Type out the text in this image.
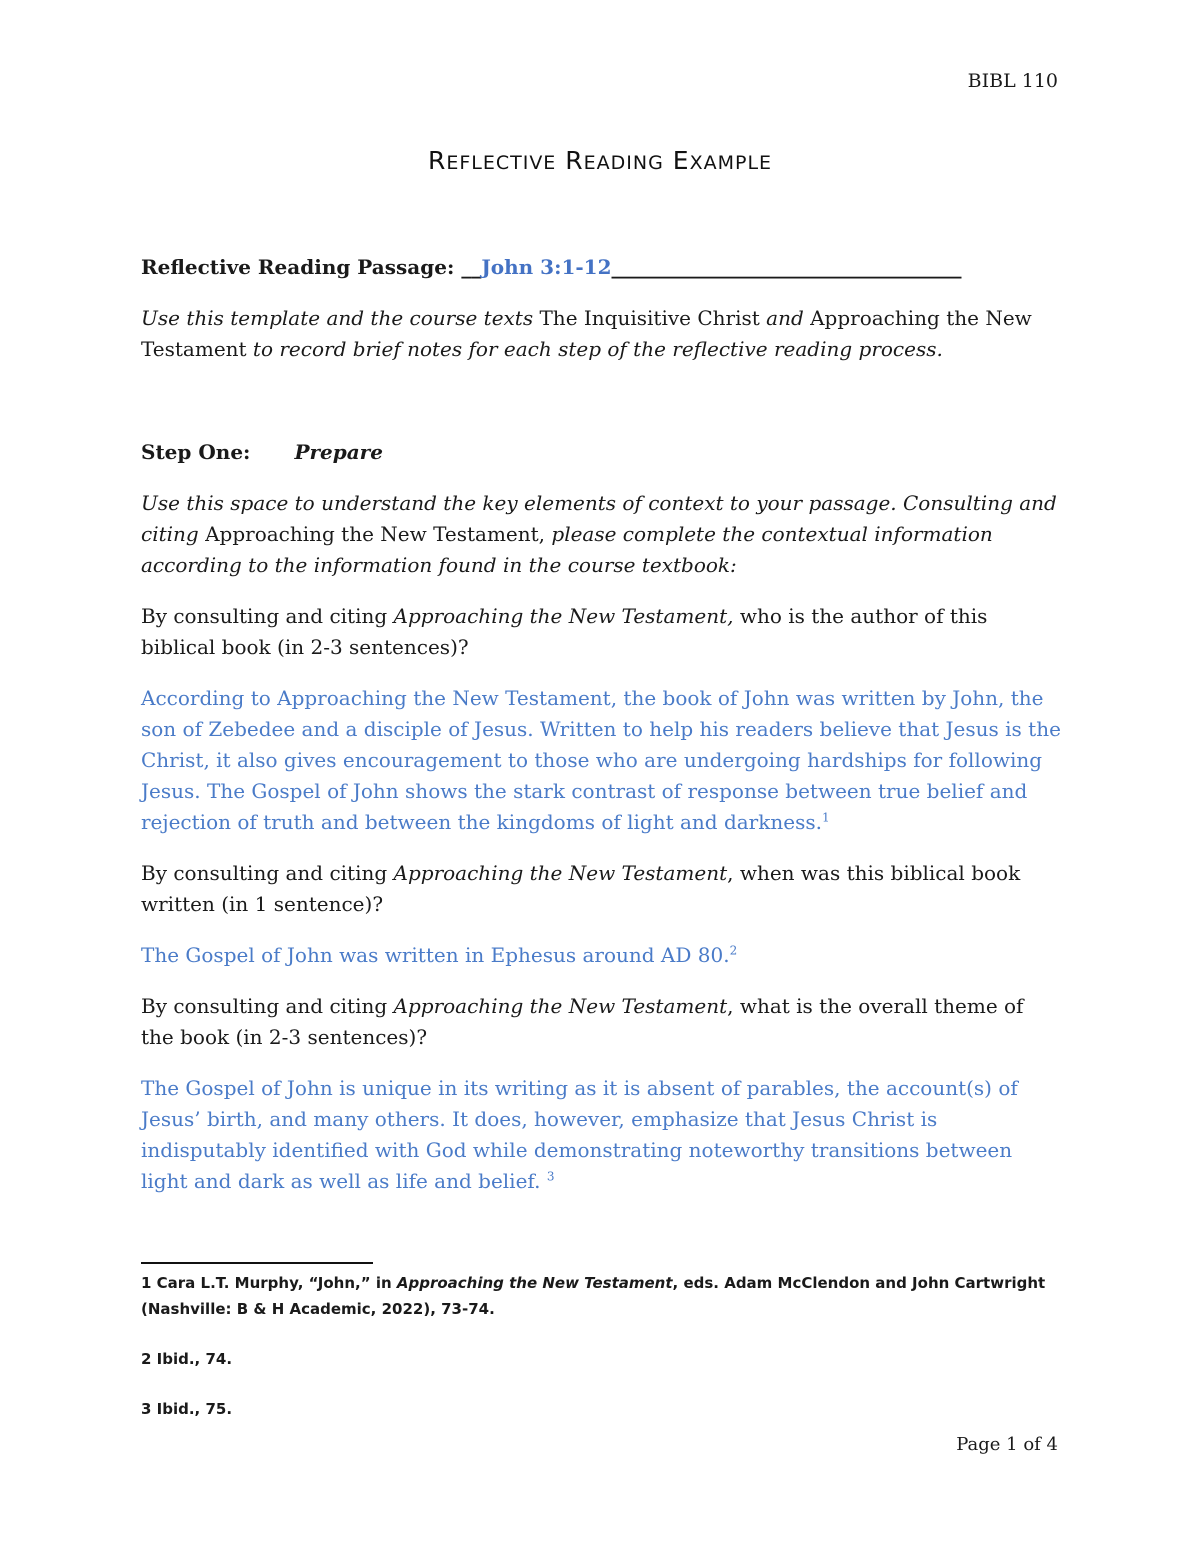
BIBL 110
REFLECTIVE READING EXAMPLE

Reflective Reading Passage: __John 3:1-12___________________________________

Use this template and the course texts The Inquisitive Christ and Approaching the New Testament to record brief notes for each step of the reflective reading process.

Step One: Prepare

Use this space to understand the key elements of context to your passage. Consulting and citing Approaching the New Testament, please complete the contextual information according to the information found in the course textbook:

By consulting and citing Approaching the New Testament, who is the author of this biblical book (in 2-3 sentences)?

According to Approaching the New Testament, the book of John was written by John, the son of Zebedee and a disciple of Jesus. Written to help his readers believe that Jesus is the Christ, it also gives encouragement to those who are undergoing hardships for following Jesus. The Gospel of John shows the stark contrast of response between true belief and rejection of truth and between the kingdoms of light and darkness.$^1$

By consulting and citing Approaching the New Testament, when was this biblical book written (in 1 sentence)?

The Gospel of John was written in Ephesus around AD 80.$^2$

By consulting and citing Approaching the New Testament, what is the overall theme of the book (in 2-3 sentences)?

The Gospel of John is unique in its writing as it is absent of parables, the account(s) of Jesus’ birth, and many others. It does, however, emphasize that Jesus Christ is indisputably identified with God while demonstrating noteworthy transitions between light and dark as well as life and belief. $^3$

1 Cara L.T. Murphy, “John,” in Approaching the New Testament, eds. Adam McClendon and John Cartwright (Nashville: B & H Academic, 2022), 73-74.

2 Ibid., 74.

3 Ibid., 75.

Page 1 of 4
